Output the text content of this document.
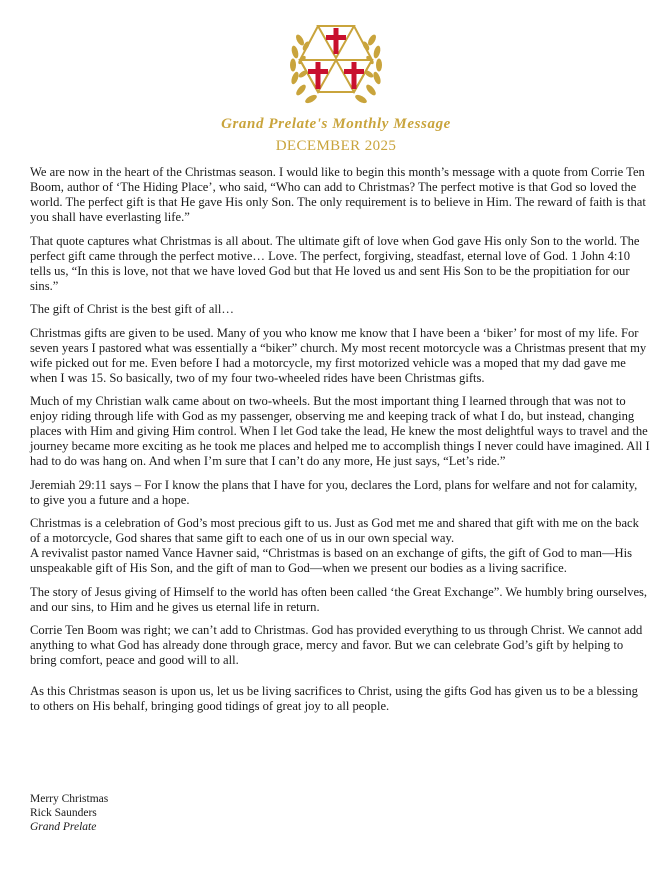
Grand Prelate's Monthly Message
DECEMBER 2025

We are now in the heart of the Christmas season. I would like to begin this month’s message with a quote from Corrie Ten Boom, author of ‘The Hiding Place’, who said, “Who can add to Christmas? The perfect motive is that God so loved the world. The perfect gift is that He gave His only Son. The only requirement is to believe in Him. The reward of faith is that you shall have everlasting life.”

That quote captures what Christmas is all about. The ultimate gift of love when God gave His only Son to the world. The perfect gift came through the perfect motive… Love. The perfect, forgiving, steadfast, eternal love of God. 1 John 4:10 tells us, “In this is love, not that we have loved God but that He loved us and sent His Son to be the propitiation for our sins.”

The gift of Christ is the best gift of all…

Christmas gifts are given to be used. Many of you who know me know that I have been a ‘biker’ for most of my life. For seven years I pastored what was essentially a “biker” church. My most recent motorcycle was a Christmas present that my wife picked out for me. Even before I had a motorcycle, my first motorized vehicle was a moped that my dad gave me when I was 15. So basically, two of my four two-wheeled rides have been Christmas gifts.

Much of my Christian walk came about on two-wheels. But the most important thing I learned through that was not to enjoy riding through life with God as my passenger, observing me and keeping track of what I do, but instead, changing places with Him and giving Him control. When I let God take the lead, He knew the most delightful ways to travel and the journey became more exciting as he took me places and helped me to accomplish things I never could have imagined. All I had to do was hang on. And when I’m sure that I can’t do any more, He just says, “Let’s ride.”

Jeremiah 29:11 says – For I know the plans that I have for you, declares the Lord, plans for welfare and not for calamity, to give you a future and a hope.

Christmas is a celebration of God’s most precious gift to us. Just as God met me and shared that gift with me on the back of a motorcycle, God shares that same gift to each one of us in our own special way.

A revivalist pastor named Vance Havner said, “Christmas is based on an exchange of gifts, the gift of God to man—His unspeakable gift of His Son, and the gift of man to God—when we present our bodies as a living sacrifice.

The story of Jesus giving of Himself to the world has often been called ‘the Great Exchange”. We humbly bring ourselves, and our sins, to Him and he gives us eternal life in return.

Corrie Ten Boom was right; we can’t add to Christmas. God has provided everything to us through Christ. We cannot add anything to what God has already done through grace, mercy and favor. But we can celebrate God’s gift by helping to bring comfort, peace and good will to all.

As this Christmas season is upon us, let us be living sacrifices to Christ, using the gifts God has given us to be a blessing to others on His behalf, bringing good tidings of great joy to all people.

Merry Christmas
Rick Saunders
Grand Prelate
